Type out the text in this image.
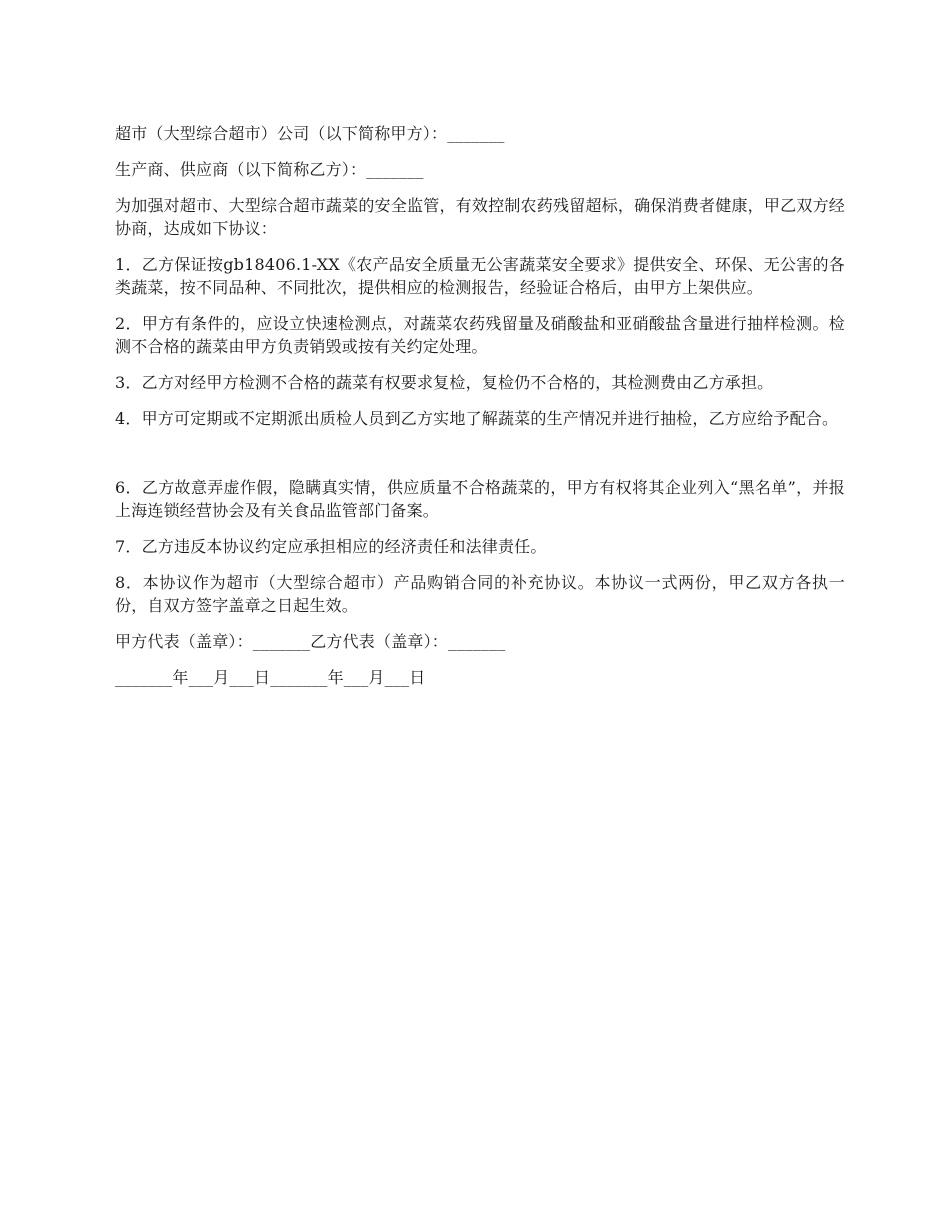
超市（大型综合超市）公司（以下简称甲方）：_______

生产商、供应商（以下简称乙方）：_______

为加强对超市、大型综合超市蔬菜的安全监管，有效控制农药残留超标，确保消费者健康，甲乙双方经协商，达成如下协议：

1．乙方保证按gb18406.1-XX《农产品安全质量无公害蔬菜安全要求》提供安全、环保、无公害的各类蔬菜，按不同品种、不同批次，提供相应的检测报告，经验证合格后，由甲方上架供应。

2．甲方有条件的，应设立快速检测点，对蔬菜农药残留量及硝酸盐和亚硝酸盐含量进行抽样检测。检测不合格的蔬菜由甲方负责销毁或按有关约定处理。

3．乙方对经甲方检测不合格的蔬菜有权要求复检，复检仍不合格的，其检测费由乙方承担。

4．甲方可定期或不定期派出质检人员到乙方实地了解蔬菜的生产情况并进行抽检，乙方应给予配合。

6．乙方故意弄虚作假，隐瞒真实情，供应质量不合格蔬菜的，甲方有权将其企业列入“黑名单”，并报上海连锁经营协会及有关食品监管部门备案。

7．乙方违反本协议约定应承担相应的经济责任和法律责任。

8．本协议作为超市（大型综合超市）产品购销合同的补充协议。本协议一式两份，甲乙双方各执一份，自双方签字盖章之日起生效。

甲方代表（盖章）：_______乙方代表（盖章）：_______

_______年___月___日_______年___月___日
